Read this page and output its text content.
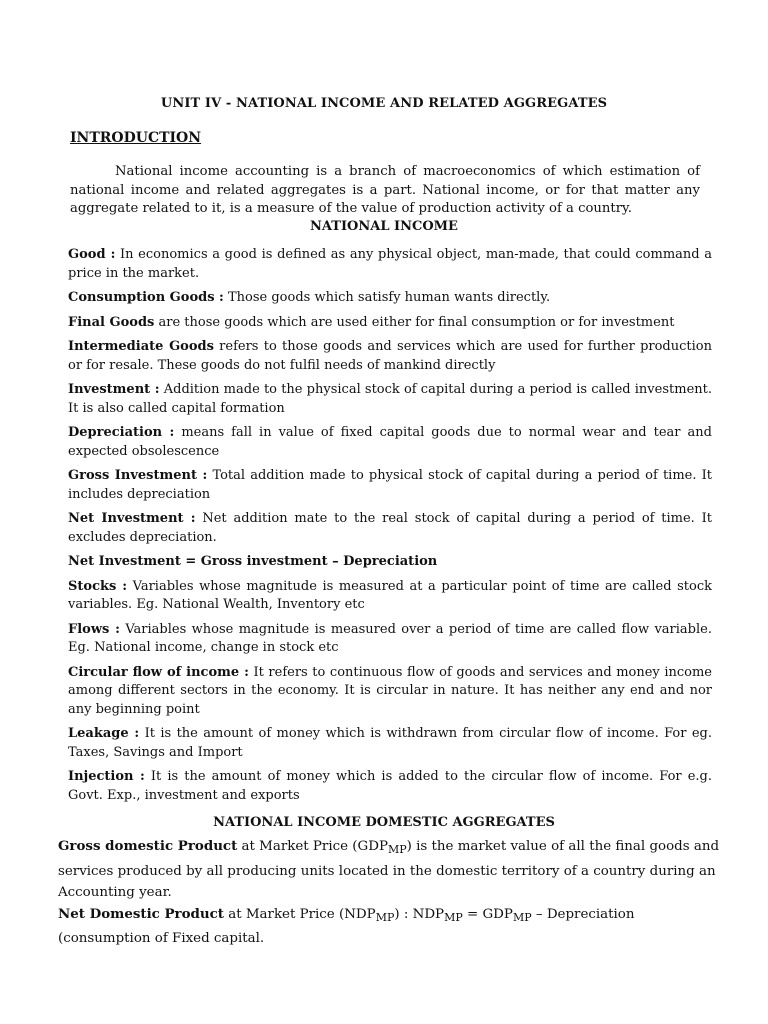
UNIT IV - NATIONAL INCOME AND RELATED AGGREGATES
INTRODUCTION

National income accounting is a branch of macroeconomics of which estimation of national income and related aggregates is a part. National income, or for that matter any aggregate related to it, is a measure of the value of production activity of a country.

NATIONAL INCOME

Good : In economics a good is defined as any physical object, man-made, that could command a price in the market.

Consumption Goods : Those goods which satisfy human wants directly.

Final Goods are those goods which are used either for final consumption or for investment

Intermediate Goods refers to those goods and services which are used for further production or for resale. These goods do not fulfil needs of mankind directly

Investment : Addition made to the physical stock of capital during a period is called investment. It is also called capital formation

Depreciation : means fall in value of fixed capital goods due to normal wear and tear and expected obsolescence

Gross Investment : Total addition made to physical stock of capital during a period of time. It includes depreciation

Net Investment : Net addition mate to the real stock of capital during a period of time. It excludes depreciation.

Net Investment = Gross investment – Depreciation

Stocks : Variables whose magnitude is measured at a particular point of time are called stock variables. Eg. National Wealth, Inventory etc

Flows : Variables whose magnitude is measured over a period of time are called flow variable. Eg. National income, change in stock etc

Circular flow of income : It refers to continuous flow of goods and services and money income among different sectors in the economy. It is circular in nature. It has neither any end and nor any beginning point

Leakage : It is the amount of money which is withdrawn from circular flow of income. For eg. Taxes, Savings and Import

Injection : It is the amount of money which is added to the circular flow of income. For e.g. Govt. Exp., investment and exports

NATIONAL INCOME DOMESTIC AGGREGATES

Gross domestic Product at Market Price $(GDP_{MP})$ is the market value of all the final goods and services produced by all producing units located in the domestic territory of a country during an Accounting year.

Net Domestic Product at Market Price $(NDP_{MP})$ : $NDP_{MP} = GDP_{MP}$ – Depreciation (consumption of Fixed capital.
